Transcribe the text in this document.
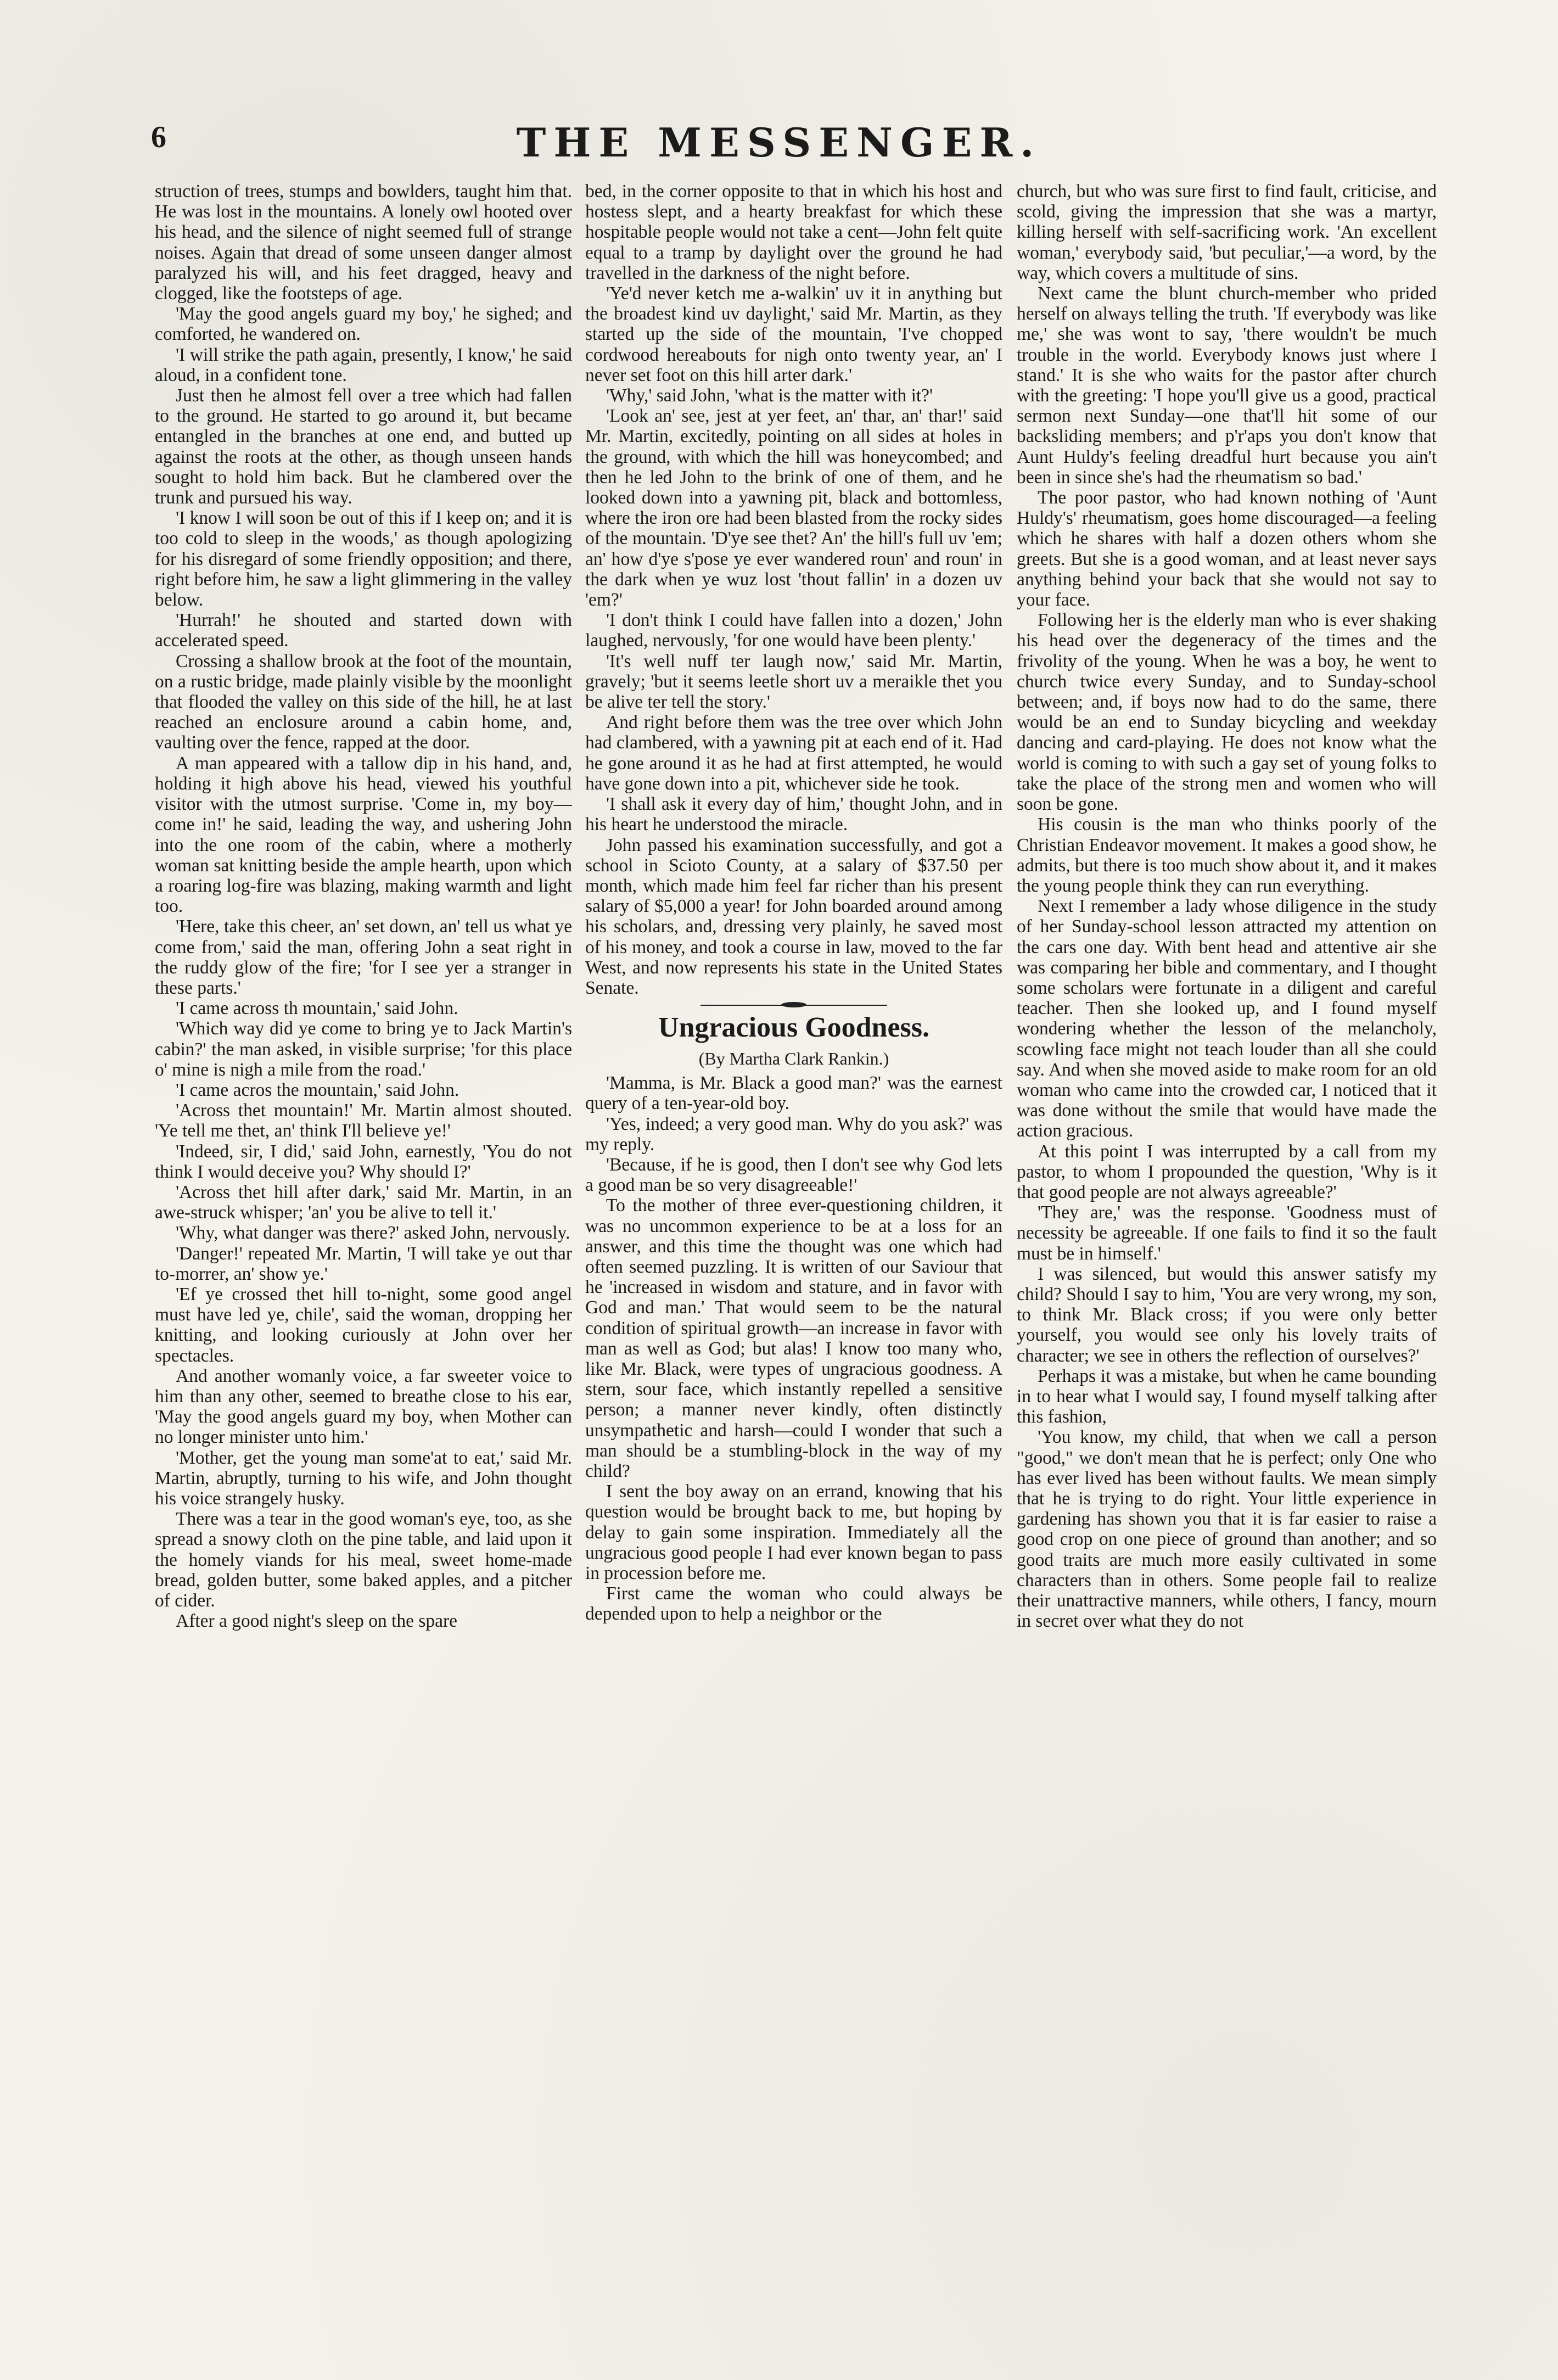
6	THE MESSENGER.

struction of trees, stumps and bowlders, taught him that. He was lost in the mountains. A lonely owl hooted over his head, and the silence of night seemed full of strange noises. Again that dread of some unseen danger almost paralyzed his will, and his feet dragged, heavy and clogged, like the footsteps of age.

'May the good angels guard my boy,' he sighed; and comforted, he wandered on.

'I will strike the path again, presently, I know,' he said aloud, in a confident tone.

Just then he almost fell over a tree which had fallen to the ground. He started to go around it, but became entangled in the branches at one end, and butted up against the roots at the other, as though unseen hands sought to hold him back. But he clambered over the trunk and pursued his way.

'I know I will soon be out of this if I keep on; and it is too cold to sleep in the woods,' as though apologizing for his disregard of some friendly opposition; and there, right before him, he saw a light glimmering in the valley below.

'Hurrah!' he shouted and started down with accelerated speed.

Crossing a shallow brook at the foot of the mountain, on a rustic bridge, made plainly visible by the moonlight that flooded the valley on this side of the hill, he at last reached an enclosure around a cabin home, and, vaulting over the fence, rapped at the door.

A man appeared with a tallow dip in his hand, and, holding it high above his head, viewed his youthful visitor with the utmost surprise. 'Come in, my boy—come in!' he said, leading the way, and ushering John into the one room of the cabin, where a motherly woman sat knitting beside the ample hearth, upon which a roaring log-fire was blazing, making warmth and light too.

'Here, take this cheer, an' set down, an' tell us what ye come from,' said the man, offering John a seat right in the ruddy glow of the fire; 'for I see yer a stranger in these parts.'

'I came across th mountain,' said John.

'Which way did ye come to bring ye to Jack Martin's cabin?' the man asked, in visible surprise; 'for this place o' mine is nigh a mile from the road.'

'I came acros the mountain,' said John.

'Across thet mountain!' Mr. Martin almost shouted. 'Ye tell me thet, an' think I'll believe ye!'

'Indeed, sir, I did,' said John, earnestly, 'You do not think I would deceive you? Why should I?'

'Across thet hill after dark,' said Mr. Martin, in an awe-struck whisper; 'an' you be alive to tell it.'

'Why, what danger was there?' asked John, nervously.

'Danger!' repeated Mr. Martin, 'I will take ye out thar to-morrer, an' show ye.'

'Ef ye crossed thet hill to-night, some good angel must have led ye, chile', said the woman, dropping her knitting, and looking curiously at John over her spectacles.

And another womanly voice, a far sweeter voice to him than any other, seemed to breathe close to his ear, 'May the good angels guard my boy, when Mother can no longer minister unto him.'

'Mother, get the young man some'at to eat,' said Mr. Martin, abruptly, turning to his wife, and John thought his voice strangely husky.

There was a tear in the good woman's eye, too, as she spread a snowy cloth on the pine table, and laid upon it the homely viands for his meal, sweet home-made bread, golden butter, some baked apples, and a pitcher of cider.

After a good night's sleep on the spare

bed, in the corner opposite to that in which his host and hostess slept, and a hearty breakfast for which these hospitable people would not take a cent—John felt quite equal to a tramp by daylight over the ground he had travelled in the darkness of the night before.

'Ye'd never ketch me a-walkin' uv it in anything but the broadest kind uv daylight,' said Mr. Martin, as they started up the side of the mountain, 'I've chopped cordwood hereabouts for nigh onto twenty year, an' I never set foot on this hill arter dark.'

'Why,' said John, 'what is the matter with it?'

'Look an' see, jest at yer feet, an' thar, an' thar!' said Mr. Martin, excitedly, pointing on all sides at holes in the ground, with which the hill was honeycombed; and then he led John to the brink of one of them, and he looked down into a yawning pit, black and bottomless, where the iron ore had been blasted from the rocky sides of the mountain. 'D'ye see thet? An' the hill's full uv 'em; an' how d'ye s'pose ye ever wandered roun' and roun' in the dark when ye wuz lost 'thout fallin' in a dozen uv 'em?'

'I don't think I could have fallen into a dozen,' John laughed, nervously, 'for one would have been plenty.'

'It's well nuff ter laugh now,' said Mr. Martin, gravely; 'but it seems leetle short uv a meraikle thet you be alive ter tell the story.'

And right before them was the tree over which John had clambered, with a yawning pit at each end of it. Had he gone around it as he had at first attempted, he would have gone down into a pit, whichever side he took.

'I shall ask it every day of him,' thought John, and in his heart he understood the miracle.

John passed his examination successfully, and got a school in Scioto County, at a salary of $37.50 per month, which made him feel far richer than his present salary of $5,000 a year! for John boarded around among his scholars, and, dressing very plainly, he saved most of his money, and took a course in law, moved to the far West, and now represents his state in the United States Senate.

Ungracious Goodness.
(By Martha Clark Rankin.)

'Mamma, is Mr. Black a good man?' was the earnest query of a ten-year-old boy.

'Yes, indeed; a very good man. Why do you ask?' was my reply.

'Because, if he is good, then I don't see why God lets a good man be so very disagreeable!'

To the mother of three ever-questioning children, it was no uncommon experience to be at a loss for an answer, and this time the thought was one which had often seemed puzzling. It is written of our Saviour that he 'increased in wisdom and stature, and in favor with God and man.' That would seem to be the natural condition of spiritual growth—an increase in favor with man as well as God; but alas! I know too many who, like Mr. Black, were types of ungracious goodness. A stern, sour face, which instantly repelled a sensitive person; a manner never kindly, often distinctly unsympathetic and harsh—could I wonder that such a man should be a stumbling-block in the way of my child?

I sent the boy away on an errand, knowing that his question would be brought back to me, but hoping by delay to gain some inspiration. Immediately all the ungracious good people I had ever known began to pass in procession before me.

First came the woman who could always be depended upon to help a neighbor or the

church, but who was sure first to find fault, criticise, and scold, giving the impression that she was a martyr, killing herself with self-sacrificing work. 'An excellent woman,' everybody said, 'but peculiar,'—a word, by the way, which covers a multitude of sins.

Next came the blunt church-member who prided herself on always telling the truth. 'If everybody was like me,' she was wont to say, 'there wouldn't be much trouble in the world. Everybody knows just where I stand.' It is she who waits for the pastor after church with the greeting: 'I hope you'll give us a good, practical sermon next Sunday—one that'll hit some of our backsliding members; and p'r'aps you don't know that Aunt Huldy's feeling dreadful hurt because you ain't been in since she's had the rheumatism so bad.'

The poor pastor, who had known nothing of 'Aunt Huldy's' rheumatism, goes home discouraged—a feeling which he shares with half a dozen others whom she greets. But she is a good woman, and at least never says anything behind your back that she would not say to your face.

Following her is the elderly man who is ever shaking his head over the degeneracy of the times and the frivolity of the young. When he was a boy, he went to church twice every Sunday, and to Sunday-school between; and, if boys now had to do the same, there would be an end to Sunday bicycling and weekday dancing and card-playing. He does not know what the world is coming to with such a gay set of young folks to take the place of the strong men and women who will soon be gone.

His cousin is the man who thinks poorly of the Christian Endeavor movement. It makes a good show, he admits, but there is too much show about it, and it makes the young people think they can run everything.

Next I remember a lady whose diligence in the study of her Sunday-school lesson attracted my attention on the cars one day. With bent head and attentive air she was comparing her bible and commentary, and I thought some scholars were fortunate in a diligent and careful teacher. Then she looked up, and I found myself wondering whether the lesson of the melancholy, scowling face might not teach louder than all she could say. And when she moved aside to make room for an old woman who came into the crowded car, I noticed that it was done without the smile that would have made the action gracious.

At this point I was interrupted by a call from my pastor, to whom I propounded the question, 'Why is it that good people are not always agreeable?'

'They are,' was the response. 'Goodness must of necessity be agreeable. If one fails to find it so the fault must be in himself.'

I was silenced, but would this answer satisfy my child? Should I say to him, 'You are very wrong, my son, to think Mr. Black cross; if you were only better yourself, you would see only his lovely traits of character; we see in others the reflection of ourselves?'

Perhaps it was a mistake, but when he came bounding in to hear what I would say, I found myself talking after this fashion,

'You know, my child, that when we call a person "good," we don't mean that he is perfect; only One who has ever lived has been without faults. We mean simply that he is trying to do right. Your little experience in gardening has shown you that it is far easier to raise a good crop on one piece of ground than another; and so good traits are much more easily cultivated in some characters than in others. Some people fail to realize their unattractive manners, while others, I fancy, mourn in secret over what they do not
